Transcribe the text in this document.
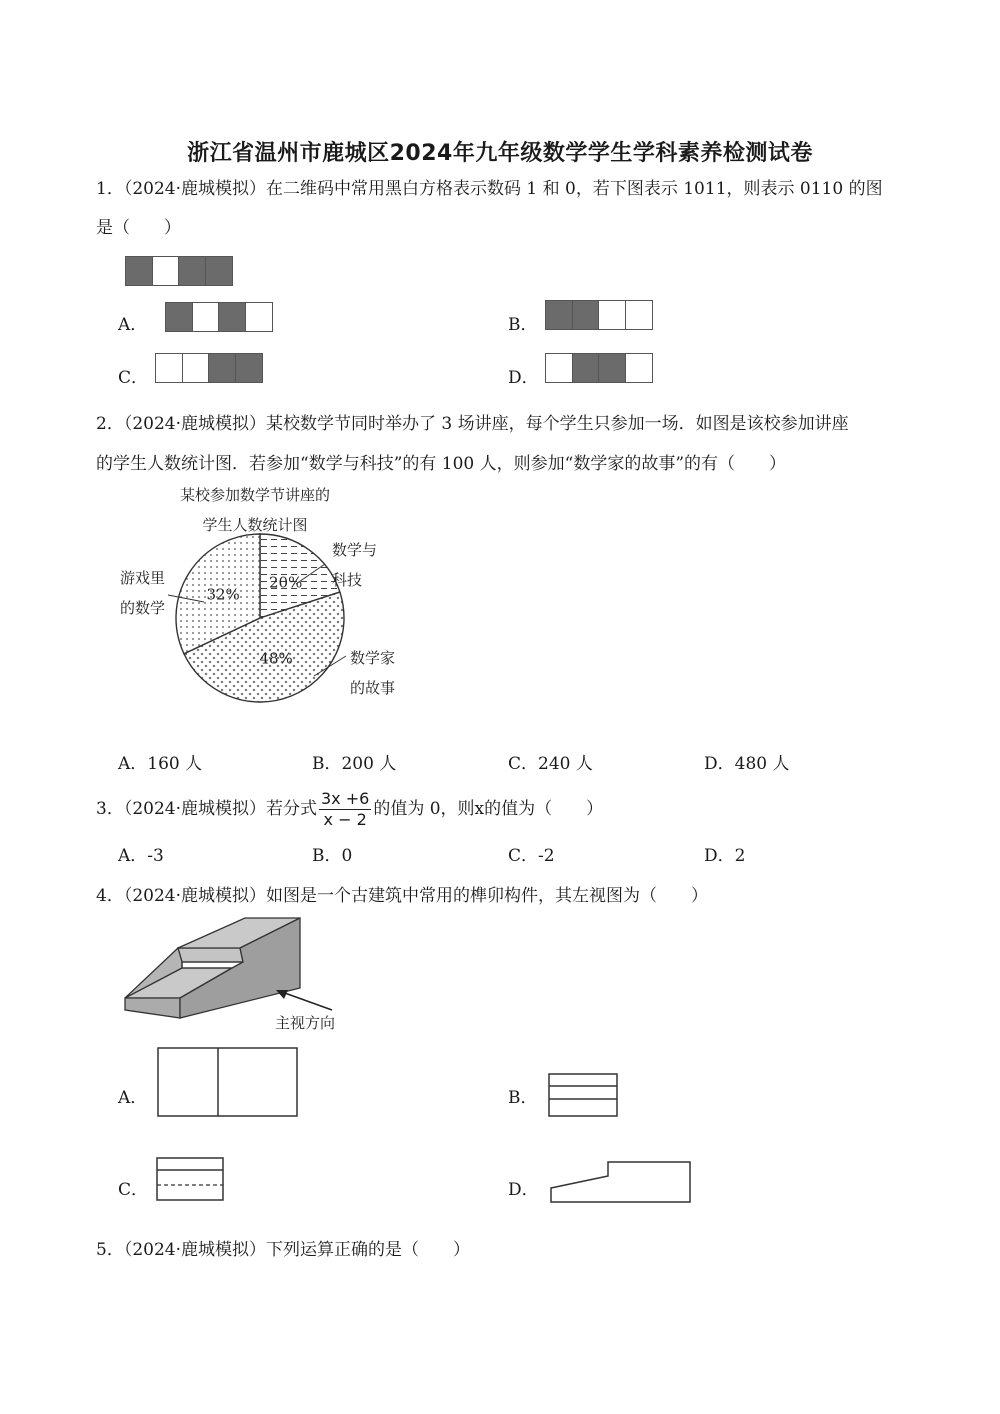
浙江省温州市鹿城区2024年九年级数学学生学科素养检测试卷
1．（2024·鹿城模拟）在二维码中常用黑白方格表示数码 1 和 0，若下图表示 1011，则表示 0110 的图
是（　　）
A．	B．
C．	D．
2．（2024·鹿城模拟）某校数学节同时举办了 3 场讲座，每个学生只参加一场．如图是该校参加讲座
的学生人数统计图．若参加“数学与科技”的有 100 人，则参加“数学家的故事”的有（　　）
某校参加数学节讲座的
学生人数统计图
20%
数学与
科技
48%	数学家
的故事
32%
游戏里
的数学
A．160 人	B．200 人	C．240 人	D．480 人
3．（2024·鹿城模拟）若分式 $\frac{3x +6}{x - 2}$ 的值为 0，则x的值为（　　）
A．-3	B．0	C．-2	D．2
4．（2024·鹿城模拟）如图是一个古建筑中常用的榫卯构件，其左视图为（　　）
主视方向
A．	B．
C．	D．
5．（2024·鹿城模拟）下列运算正确的是（　　）
